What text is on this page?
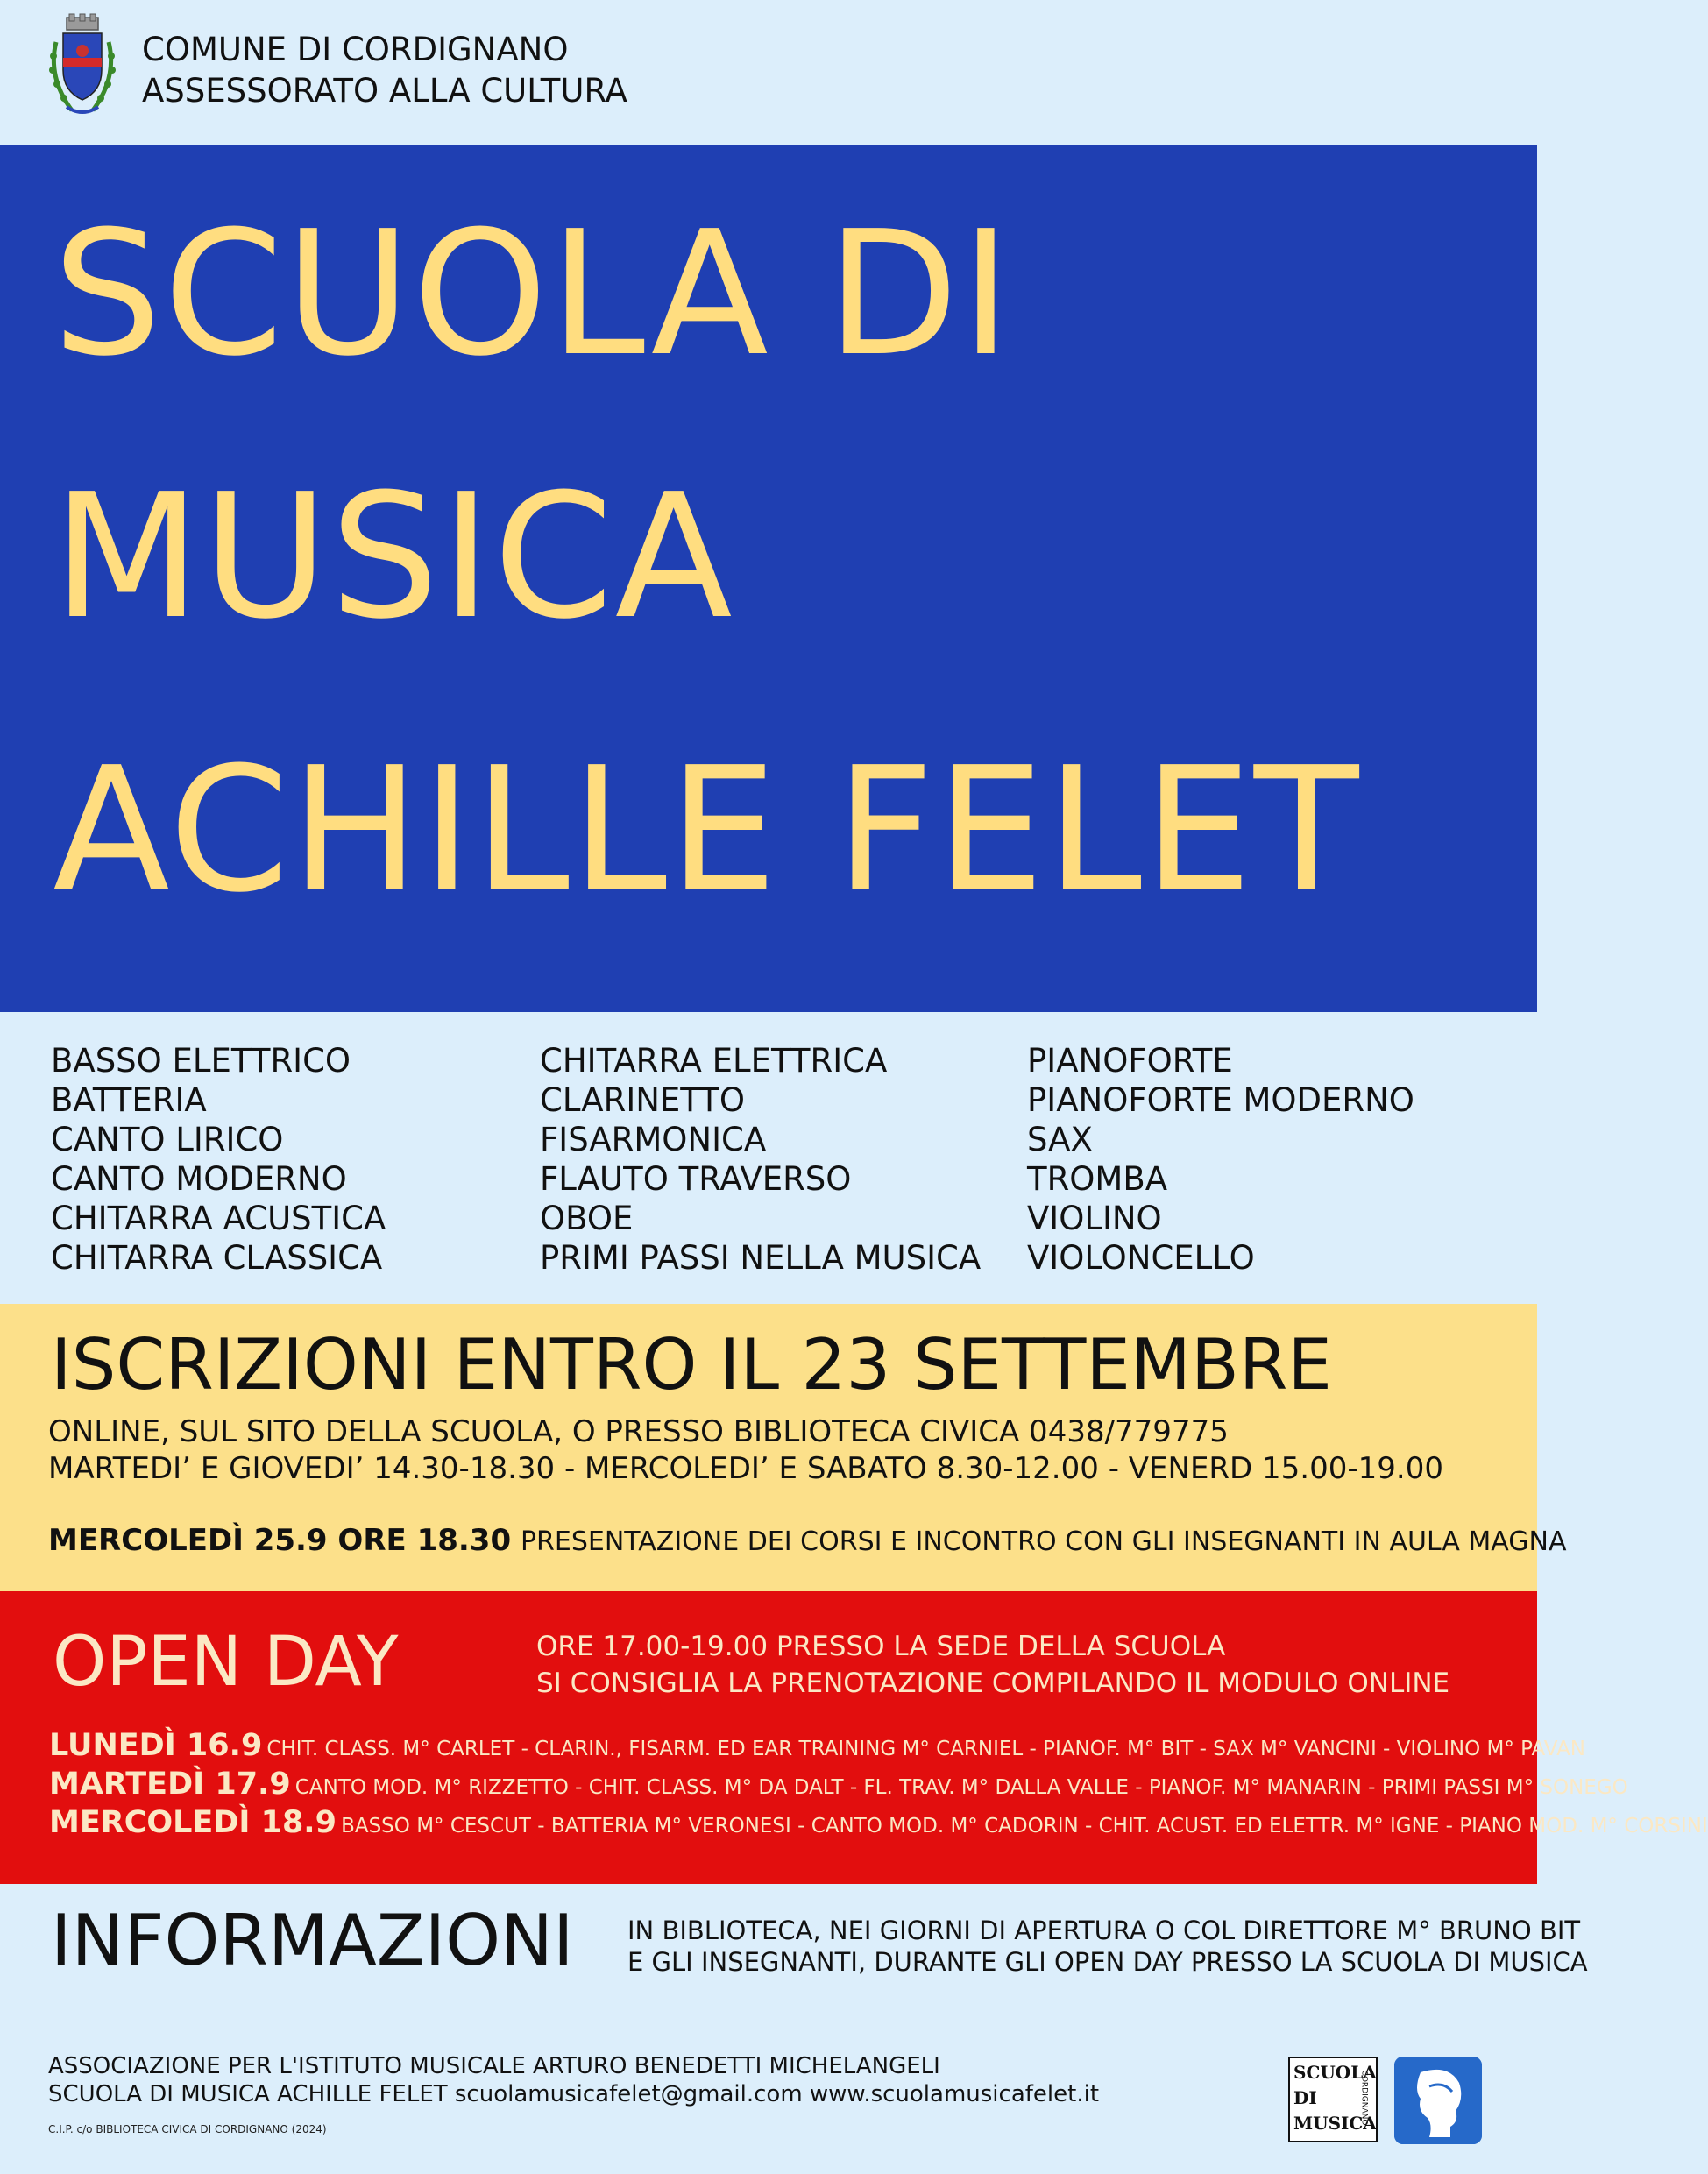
COMUNE DI CORDIGNANO
ASSESSORATO ALLA CULTURA
SCUOLA DI
MUSICA
ACHILLE FELET
BASSO ELETTRICO
BATTERIA
CANTO LIRICO
CANTO MODERNO
CHITARRA ACUSTICA
CHITARRA CLASSICA
CHITARRA ELETTRICA
CLARINETTO
FISARMONICA
FLAUTO TRAVERSO
OBOE
PRIMI PASSI NELLA MUSICA
PIANOFORTE
PIANOFORTE MODERNO
SAX
TROMBA
VIOLINO
VIOLONCELLO
ISCRIZIONI ENTRO IL 23 SETTEMBRE
ONLINE, SUL SITO DELLA SCUOLA, O PRESSO BIBLIOTECA CIVICA 0438/779775
MARTEDI’ E GIOVEDI’ 14.30-18.30 - MERCOLEDI’ E SABATO 8.30-12.00 - VENERD 15.00-19.00
MERCOLEDÌ 25.9 ORE 18.30 PRESENTAZIONE DEI CORSI E INCONTRO CON GLI INSEGNANTI IN AULA MAGNA
OPEN DAY	ORE 17.00-19.00 PRESSO LA SEDE DELLA SCUOLA
SI CONSIGLIA LA PRENOTAZIONE COMPILANDO IL MODULO ONLINE
LUNEDÌ 16.9 CHIT. CLASS. M° CARLET - CLARIN., FISARM. ED EAR TRAINING M° CARNIEL - PIANOF. M° BIT - SAX M° VANCINI - VIOLINO M° PAVAN
MARTEDÌ 17.9 CANTO MOD. M° RIZZETTO - CHIT. CLASS. M° DA DALT - FL. TRAV. M° DALLA VALLE - PIANOF. M° MANARIN - PRIMI PASSI M° SONEGO
MERCOLEDÌ 18.9 BASSO M° CESCUT - BATTERIA M° VERONESI - CANTO MOD. M° CADORIN - CHIT. ACUST. ED ELETTR. M° IGNE - PIANO MOD. M° CORSINI
INFORMAZIONI IN BIBLIOTECA, NEI GIORNI DI APERTURA O COL DIRETTORE M° BRUNO BIT
E GLI INSEGNANTI, DURANTE GLI OPEN DAY PRESSO LA SCUOLA DI MUSICA
ASSOCIAZIONE PER L'ISTITUTO MUSICALE ARTURO BENEDETTI MICHELANGELI
SCUOLA DI MUSICA ACHILLE FELET scuolamusicafelet@gmail.com www.scuolamusicafelet.it
C.I.P. c/o BIBLIOTECA CIVICA DI CORDIGNANO (2024)
SCUOLA
DI
MUSICA
CORDIGNANO
